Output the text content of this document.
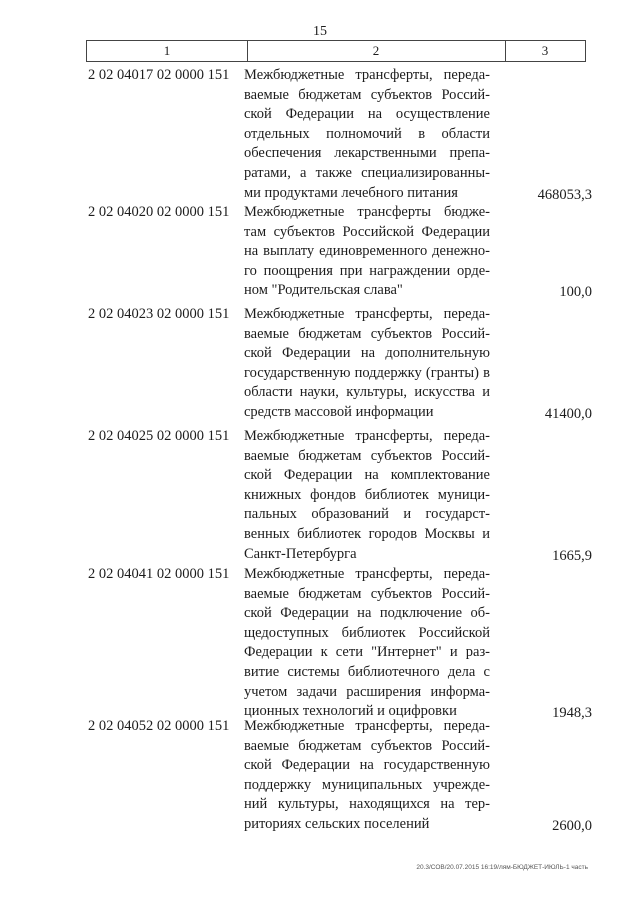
15
1	2	3
2 02 04017 02 0000 151 Межбюджетные трансферты, переда-
ваемые бюджетам субъектов Россий-
ской Федерации на осуществление
отдельных полномочий в области
обеспечения лекарственными препа-
ратами, а также специализированны-
ми продуктами лечебного питания	468053,3
2 02 04020 02 0000 151 Межбюджетные трансферты бюдже-
там субъектов Российской Федерации
на выплату единовременного денежно-
го поощрения при награждении орде-
ном "Родительская слава"	100,0
2 02 04023 02 0000 151 Межбюджетные трансферты, переда-
ваемые бюджетам субъектов Россий-
ской Федерации на дополнительную
государственную поддержку (гранты) в
области науки, культуры, искусства и
средств массовой информации	41400,0
2 02 04025 02 0000 151 Межбюджетные трансферты, переда-
ваемые бюджетам субъектов Россий-
ской Федерации на комплектование
книжных фондов библиотек муници-
пальных образований и государст-
венных библиотек городов Москвы и
Санкт-Петербурга	1665,9
2 02 04041 02 0000 151 Межбюджетные трансферты, переда-
ваемые бюджетам субъектов Россий-
ской Федерации на подключение об-
щедоступных библиотек Российской
Федерации к сети "Интернет" и раз-
витие системы библиотечного дела с
учетом задачи расширения информа-
ционных технологий и оцифровки	1948,3
2 02 04052 02 0000 151 Межбюджетные трансферты, переда-
ваемые бюджетам субъектов Россий-
ской Федерации на государственную
поддержку муниципальных учрежде-
ний культуры, находящихся на тер-
риториях сельских поселений	2600,0
20.3/СОВ/20.07.2015 16:19/лям-БЮДЖЕТ-ИЮЛЬ-1 часть
